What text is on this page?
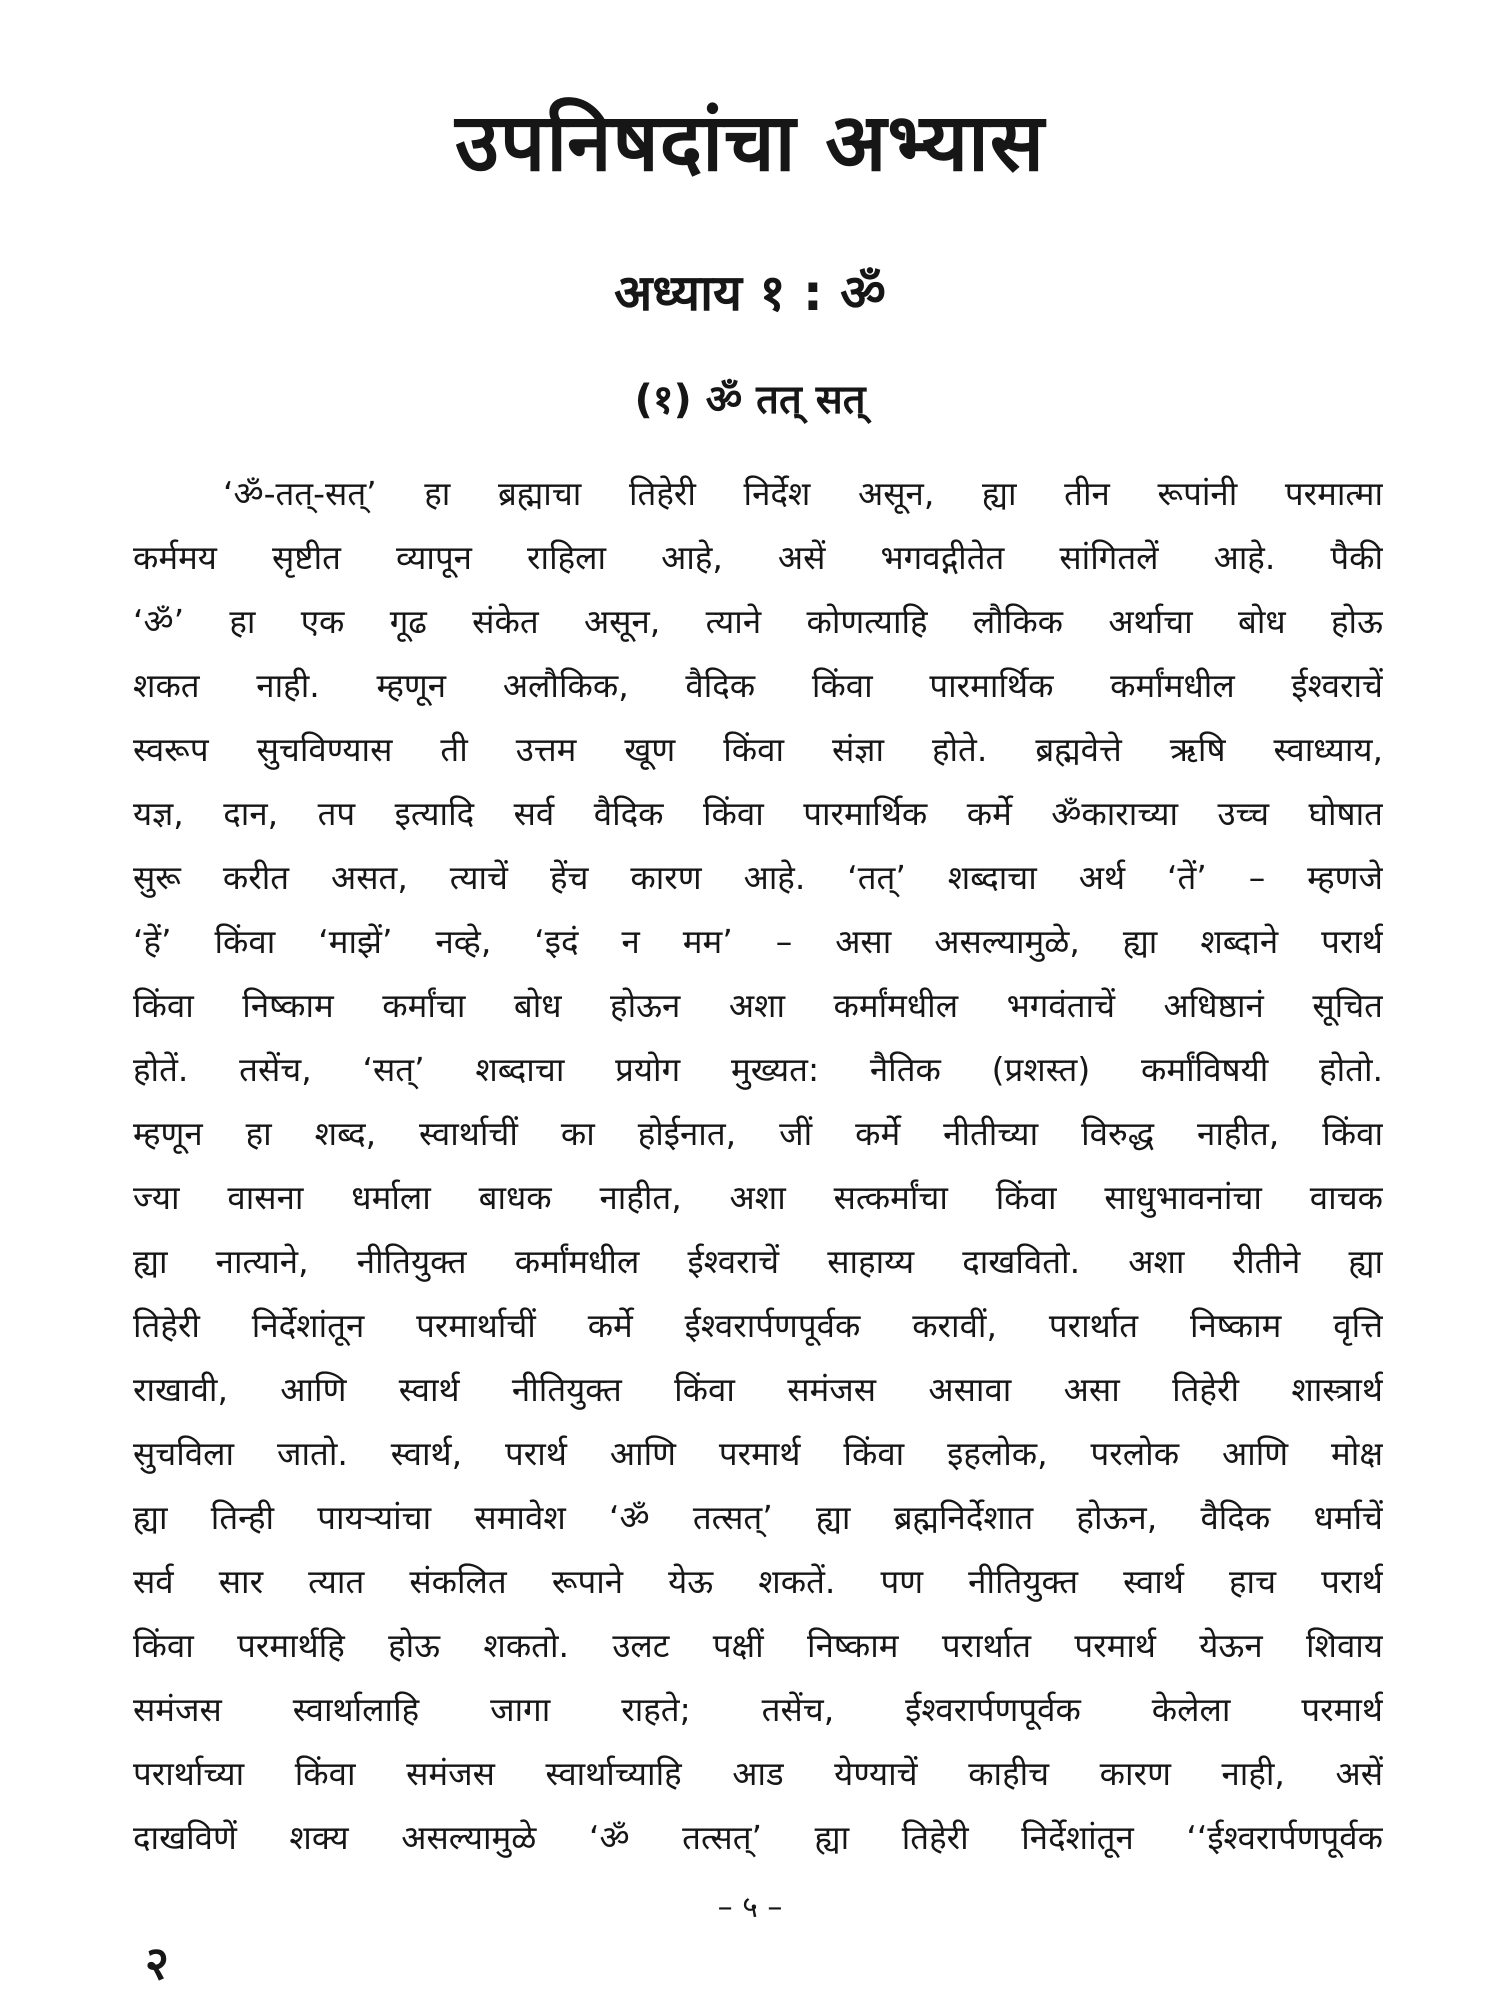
उपनिषदांचा अभ्यास
अध्याय १ : ॐ
(१) ॐ तत् सत्
‘ॐ-तत्-सत्’ हा ब्रह्माचा तिहेरी निर्देश असून, ह्या तीन रूपांनी परमात्मा
कर्ममय सृष्टीत व्यापून राहिला आहे, असें भगवद्गीतेत सांगितलें आहे. पैकी
‘ॐ’ हा एक गूढ संकेत असून, त्याने कोणत्याहि लौकिक अर्थाचा बोध होऊ
शकत नाही. म्हणून अलौकिक, वैदिक किंवा पारमार्थिक कर्मांमधील ईश्वराचें
स्वरूप सुचविण्यास ती उत्तम खूण किंवा संज्ञा होते. ब्रह्मवेत्ते ऋषि स्वाध्याय,
यज्ञ, दान, तप इत्यादि सर्व वैदिक किंवा पारमार्थिक कर्मे ॐकाराच्या उच्च घोषात
सुरू करीत असत, त्याचें हेंच कारण आहे. ‘तत्’ शब्दाचा अर्थ ‘तें’ – म्हणजे
‘हें’ किंवा ‘माझें’ नव्हे, ‘इदं न मम’ – असा असल्यामुळे, ह्या शब्दाने परार्थ
किंवा निष्काम कर्मांचा बोध होऊन अशा कर्मांमधील भगवंताचें अधिष्ठानं सूचित
होतें. तसेंच, ‘सत्’ शब्दाचा प्रयोग मुख्यत: नैतिक (प्रशस्त) कर्मांविषयी होतो.
म्हणून हा शब्द, स्वार्थाचीं का होईनात, जीं कर्मे नीतीच्या विरुद्ध नाहीत, किंवा
ज्या वासना धर्माला बाधक नाहीत, अशा सत्कर्मांचा किंवा साधुभावनांचा वाचक
ह्या नात्याने, नीतियुक्त कर्मांमधील ईश्वराचें साहाय्य दाखवितो. अशा रीतीने ह्या
तिहेरी निर्देशांतून परमार्थाचीं कर्मे ईश्वरार्पणपूर्वक करावीं, परार्थात निष्काम वृत्ति
राखावी, आणि स्वार्थ नीतियुक्त किंवा समंजस असावा असा तिहेरी शास्त्रार्थ
सुचविला जातो. स्वार्थ, परार्थ आणि परमार्थ किंवा इहलोक, परलोक आणि मोक्ष
ह्या तिन्ही पायऱ्यांचा समावेश ‘ॐ तत्सत्’ ह्या ब्रह्मनिर्देशात होऊन, वैदिक धर्माचें
सर्व सार त्यात संकलित रूपाने येऊ शकतें. पण नीतियुक्त स्वार्थ हाच परार्थ
किंवा परमार्थहि होऊ शकतो. उलट पक्षीं निष्काम परार्थात परमार्थ येऊन शिवाय
समंजस स्वार्थालाहि जागा राहते; तसेंच, ईश्वरार्पणपूर्वक केलेला परमार्थ
परार्थाच्या किंवा समंजस स्वार्थाच्याहि आड येण्याचें काहीच कारण नाही, असें
दाखविणें शक्य असल्यामुळे ‘ॐ तत्सत्’ ह्या तिहेरी निर्देशांतून ‘‘ईश्वरार्पणपूर्वक
– ५ –
२
